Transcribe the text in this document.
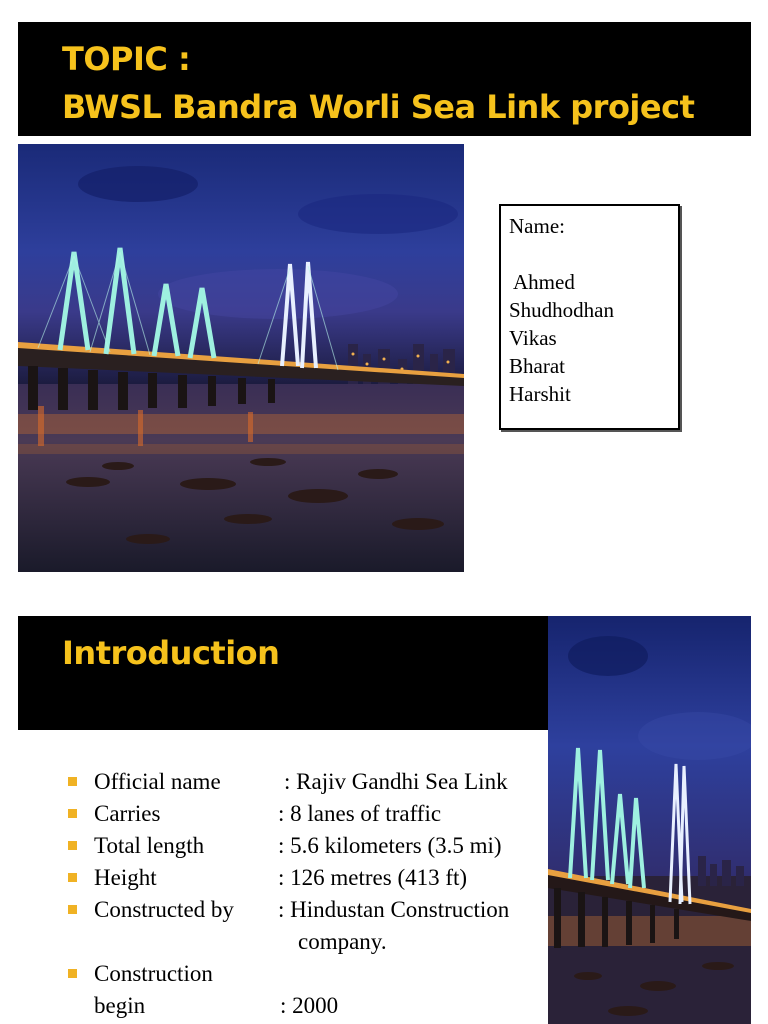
TOPIC :
BWSL Bandra Worli Sea Link project
Name:
Ahmed
Shudhodhan
Vikas
Bharat
Harshit
Introduction
Official name	: Rajiv Gandhi Sea Link
Carries	: 8 lanes of traffic
Total length	: 5.6 kilometers (3.5 mi)
Height	: 126 metres (413 ft)
Constructed by : Hindustan Construction
company.
Construction
begin	: 2000
